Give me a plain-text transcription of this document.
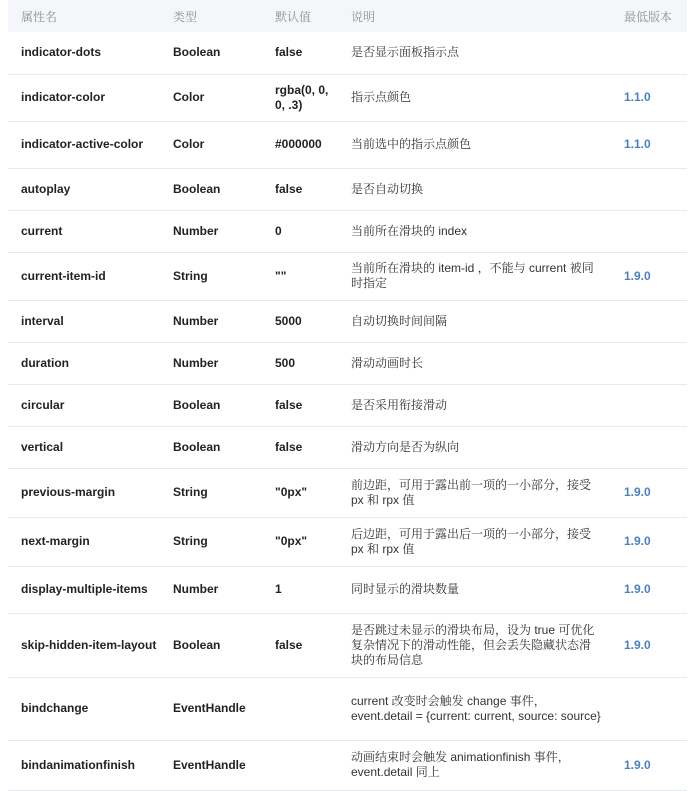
属性名	类型	默认值	说明	最低版本
indicator-dots	Boolean	false	是否显示面板指示点	
indicator-color	Color	rgba(0, 0, 0, .3)	指示点颜色	1.1.0
indicator-active-color	Color	#000000	当前选中的指示点颜色	1.1.0
autoplay	Boolean	false	是否自动切换	
current	Number	0	当前所在滑块的 index	
current-item-id	String	""	当前所在滑块的 item-id ，不能与 current 被同时指定	1.9.0
interval	Number	5000	自动切换时间间隔	
duration	Number	500	滑动动画时长	
circular	Boolean	false	是否采用衔接滑动	
vertical	Boolean	false	滑动方向是否为纵向	
previous-margin	String	"0px"	前边距，可用于露出前一项的一小部分，接受 px 和 rpx 值	1.9.0
next-margin	String	"0px"	后边距，可用于露出后一项的一小部分，接受 px 和 rpx 值	1.9.0
display-multiple-items	Number	1	同时显示的滑块数量	1.9.0
skip-hidden-item-layout	Boolean	false	是否跳过未显示的滑块布局，设为 true 可优化复杂情况下的滑动性能，但会丢失隐藏状态滑块的布局信息	1.9.0
bindchange	EventHandle		current 改变时会触发 change 事件，event.detail = {current: current, source: source}	
bindanimationfinish	EventHandle		动画结束时会触发 animationfinish 事件，event.detail 同上	1.9.0
